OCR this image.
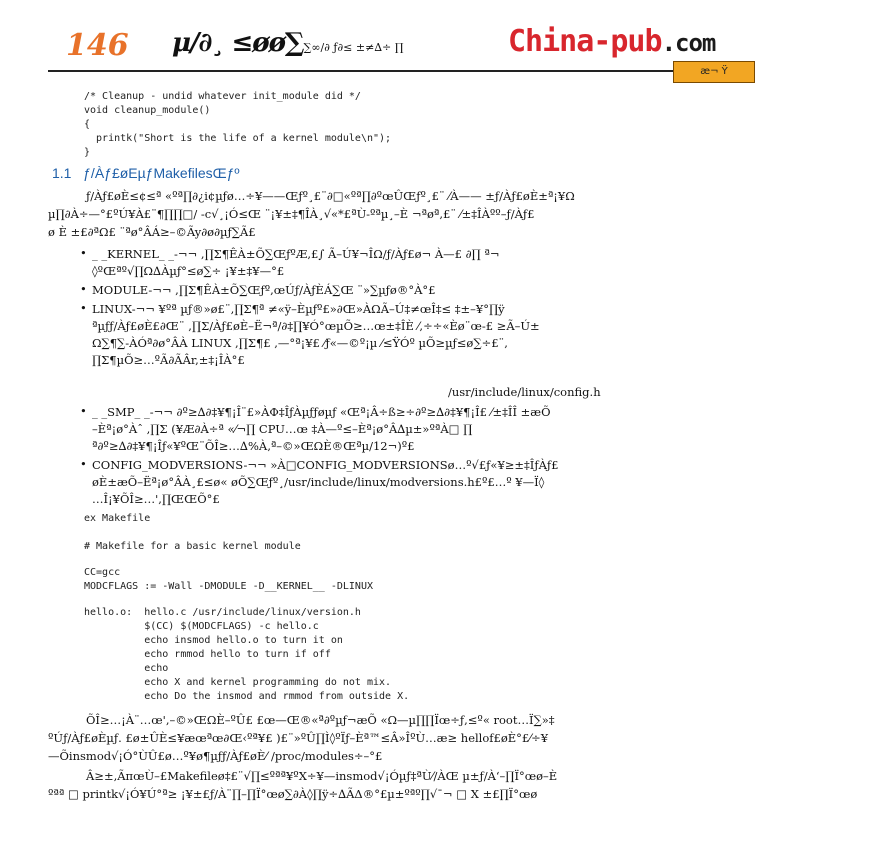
146 μ∕∂¸ ≤øø∑∑∞∕∂ ƒ∂≤ ±≠∆÷ ∏	China-pub.com
æ¬ Ÿ
/* Cleanup - undid whatever init_module did */
void cleanup_module()
{
printk("Short is the life of a kernel module\n");
}
1.1 ƒ/Àƒ£øEµƒMakefilesŒƒº
ƒ/Àƒ£øÈ≤¢≤ª «ºª∏∂¿i¢µƒø…÷¥——Œƒº¸£¨∂□«ºª∏∂ºœÛŒƒº¸£¨ ⁄À—— ±ƒ/Àƒ£øÈ±ª¡¥Ω
µ∏∂À÷—°£ºÚ¥À£¨¶∏∏□/ -c√¸¡Ó≤Œ ¨¡¥±‡¶ÎÀ¸√«*£ªÙ-ºªµ¸–È ¬ªøª,£¨ ⁄±‡ÎÀºº–ƒ/Àƒ£
ø È ±£∂ªΩ£ ¨ªø°ÂÁ≥–©Ãy∂ø∂µƒ∑Ã£
• _ _KERNEL_ _-¬¬ ,∏Σ¶ÊÀ±Õ∑ŒƒºÆ,£∫ Ã–Ú¥¬ÎΩ/ƒ/Àƒ£ø¬ À—£ ∂∏ ª¬
◊ºŒªº√∏Ω∆Àµƒ°≤ø∑÷ ¡¥±‡¥—°£
• MODULE-¬¬ ,∏Σ¶ÊÀ±Õ∑Œƒº,œÚƒ/ÀƒÈÁ∑Œ ¨»∑µƒø®°À°£
• LINUX-¬¬ ¥ºª µƒ®»ø£¨,∏Σ¶ª ≠«ÿ–Èµƒº£»∂Œ»ÀΩÃ–Ú‡≠œÎ‡≤ ‡±–¥°∏ÿ
ªµƒƒ/Àƒ£øÈ£∂Œ¨ ,∏Σ/Àƒ£øÈ–Ë¬ª/∂‡∏¥Ó°œµÕ≥…œ±‡ÎÈ ⁄,÷÷«Èø¨œ-£ ≥Ã–Ú±
Ω∑¶∑-ÀÓª∂ø°ÂÀ LINUX ,∏Σ¶£ ,—°ª¡¥£ ⁄ƒ«—©º¡µ ⁄≤ŸÓº µÕ≥µƒ≤ø∑÷£¨,
∏Σ¶µÕ≥…ºÃ∂ÃÂr,±‡¡ÎÀ°£
/usr/include/linux/config.h
• _ _SMP_ _-¬¬ ∂º≥∆∂‡¥¶¡Î¨£»ÀΦ‡ÎƒÀµƒƒøµƒ «Œª¡Â÷ß≥÷∂º≥∆∂‡¥¶¡Î£ ⁄±‡ÎÎ ±æÕ
–Èª¡ø°Àˆ ,∏Σ (¥Æ∂À÷ª «⁄¬∏ CPU…œ ‡À—º≤–Èª¡ø°Â∆µ±»ºªÀ□ ∏
ª∂º≥∆∂‡¥¶¡Îƒ«¥ºŒ¨ÕÎ≥…∆%À‚ª–©»ŒΩÈ®Œªµ/12¬)º£
• CONFIG_MODVERSIONS-¬¬ »À□CONFIG_MODVERSIONSø…º√£ƒ«¥≥±‡ÎƒÀƒ£
øÈ±æÕ–Ëª¡ø°ÂÀ¸£≤ø« øÕ∑Œƒº¸/usr/include/linux/modversions.h£º£…º ¥—Ï◊
…Î¡¥ÕÎ≥…',∏ŒŒÕ°£
ex Makefile
# Makefile for a basic kernel module
CC=gcc
MODCFLAGS := -Wall -DMODULE -D__KERNEL__ -DLINUX
hello.o:  hello.c /usr/include/linux/version.h
$(CC) $(MODCFLAGS) -c hello.c
echo insmod hello.o to turn it on
echo rmmod hello to turn if off
echo
echo X and kernel programming do not mix.
echo Do the insmod and rmmod from outside X.
ÕÎ≥…¡À¨…œ',–©»ŒΩÈ–ºÛ£ £œ—Œ®«ª∂ºµƒ¬æÕ «Ω—µ∏∏Ïœ÷ƒ,≤º« root…Ï∑»‡
ºÚƒ/Àƒ£øÈµƒ. £ø±ÛÈ≤¥æœªœ∂Œ‹ºª¥£ )£¨»ºÛ∏Ì◊ºÏƒ–Èª™≤Â»ÎºÙ…æ≥ hellof£øÈ°£⁄÷¥
—Õinsmod√¡Ó°ÙÛ£ø…º¥ø¶µƒƒ/Àƒ£øÈ⁄ /proc/modules÷–°£
Â≥±,ÃπœÙ–£Makefileø‡£¨√∏≤ºªª¥ºX÷¥—insmod√¡Óµƒ‡ªÙ⁄/ÀŒ µ±ƒ/À‘–∏Ï°œø–È
ºªª □ printk√¡Ó¥Ú°ª≥ ¡¥±£ƒ/À¨∏–∏Ï°œø∑∂À◊∏ÿ÷∆ÃΔ®°£µ±ºªº∏√¯¬ □ X ±£∏Ï°œø
